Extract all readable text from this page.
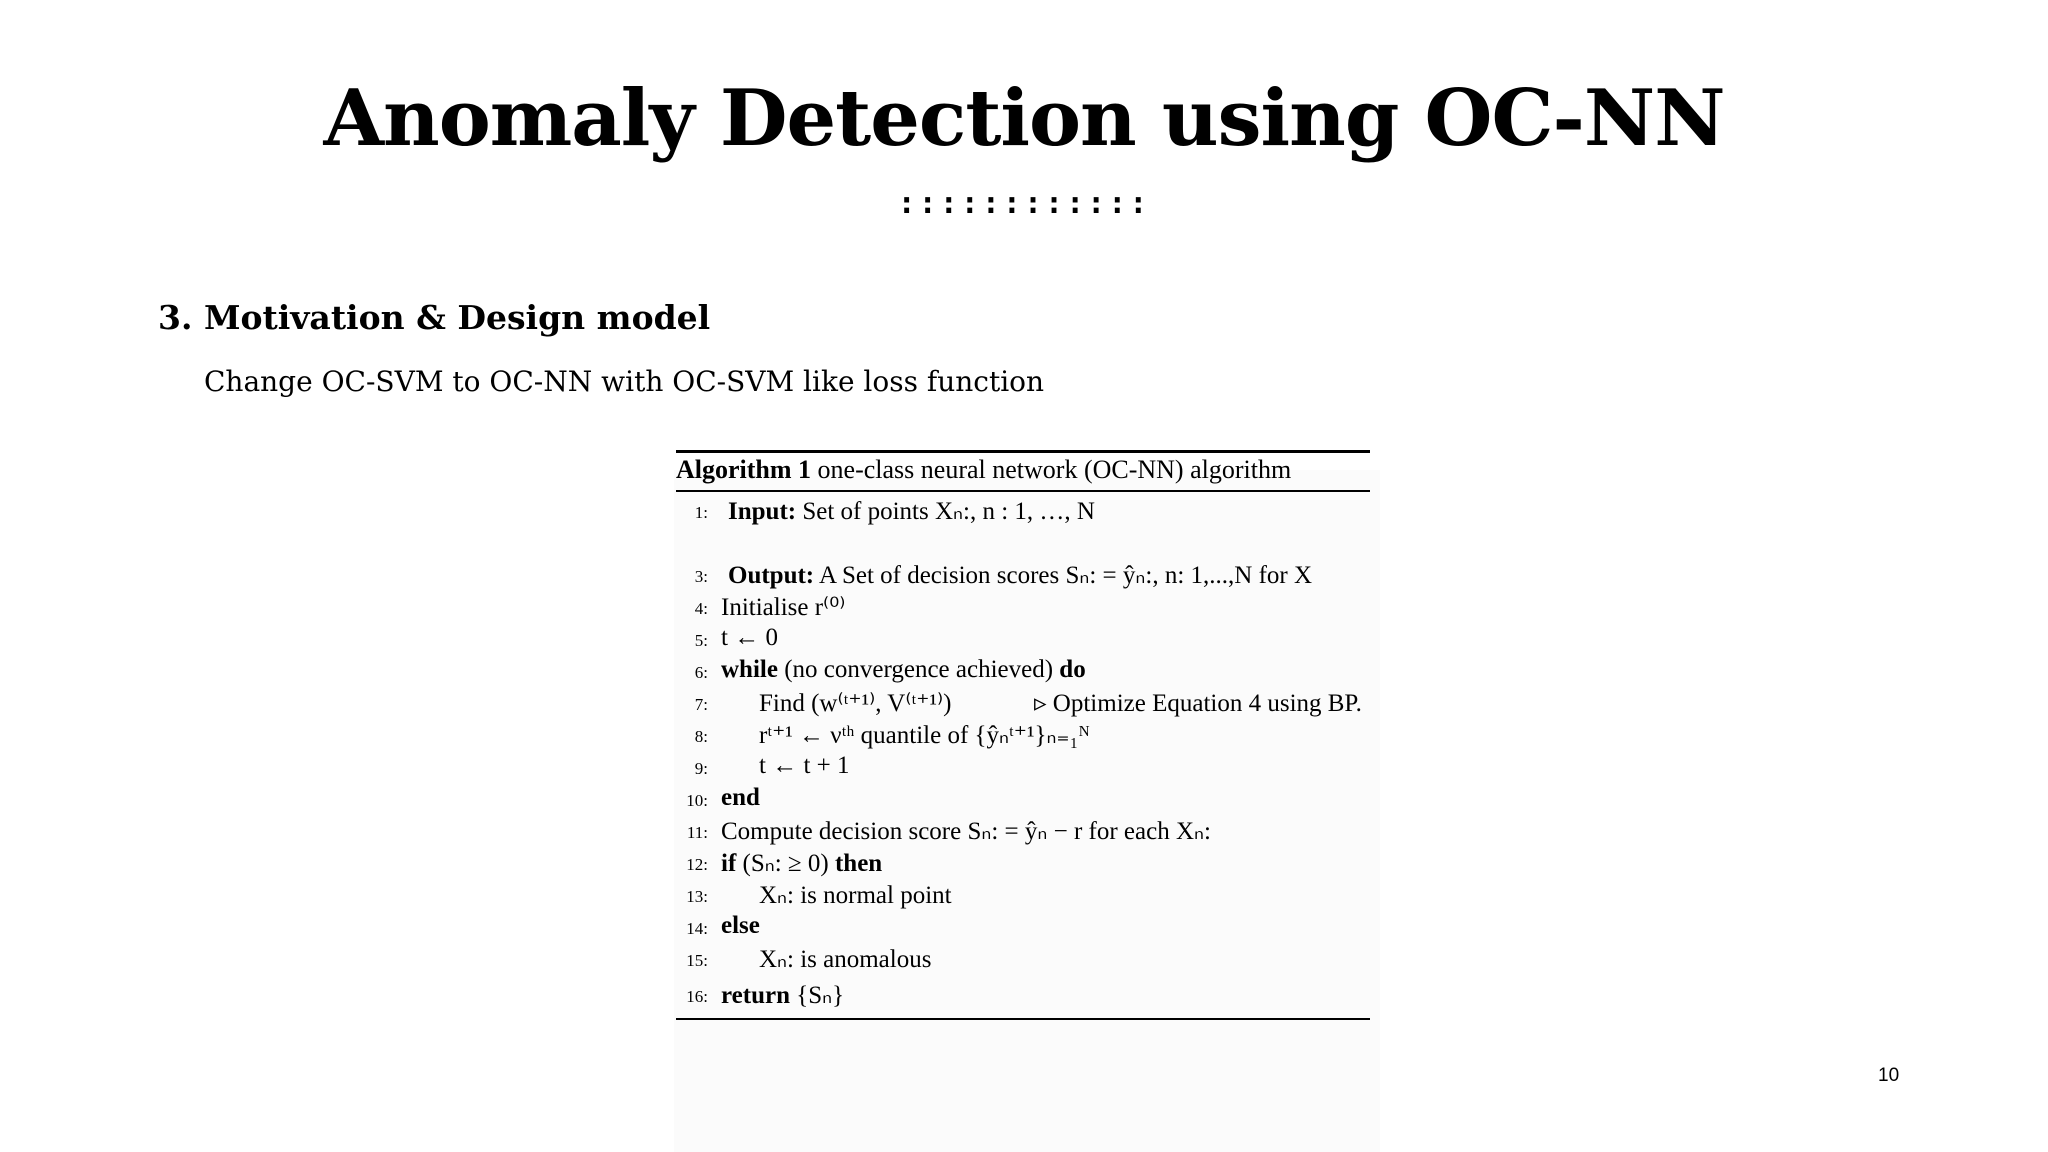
Anomaly Detection using OC-NN
::::::::::::
3. Motivation & Design model
Change OC-SVM to OC-NN with OC-SVM like loss function
Algorithm 1 one-class neural network (OC-NN) algorithm
1: Input: Set of points Xₙ:, n : 1, …, N
3: Output: A Set of decision scores Sₙ: = ŷₙ:, n: 1,...,N for X
4: Initialise r⁽⁰⁾
5: t ← 0
6: while (no convergence achieved) do
7: Find (w⁽ᵗ⁺¹⁾, V⁽ᵗ⁺¹⁾)	▹ Optimize Equation 4 using BP.
8: rᵗ⁺¹ ← νᵗʰ quantile of {ŷₙᵗ⁺¹}ₙ₌₁ᴺ
9: t ← t + 1
10: end
11: Compute decision score Sₙ: = ŷₙ − r for each Xₙ:
12: if (Sₙ: ≥ 0) then
13: Xₙ: is normal point
14: else
15: Xₙ: is anomalous
16: return {Sₙ}
10
